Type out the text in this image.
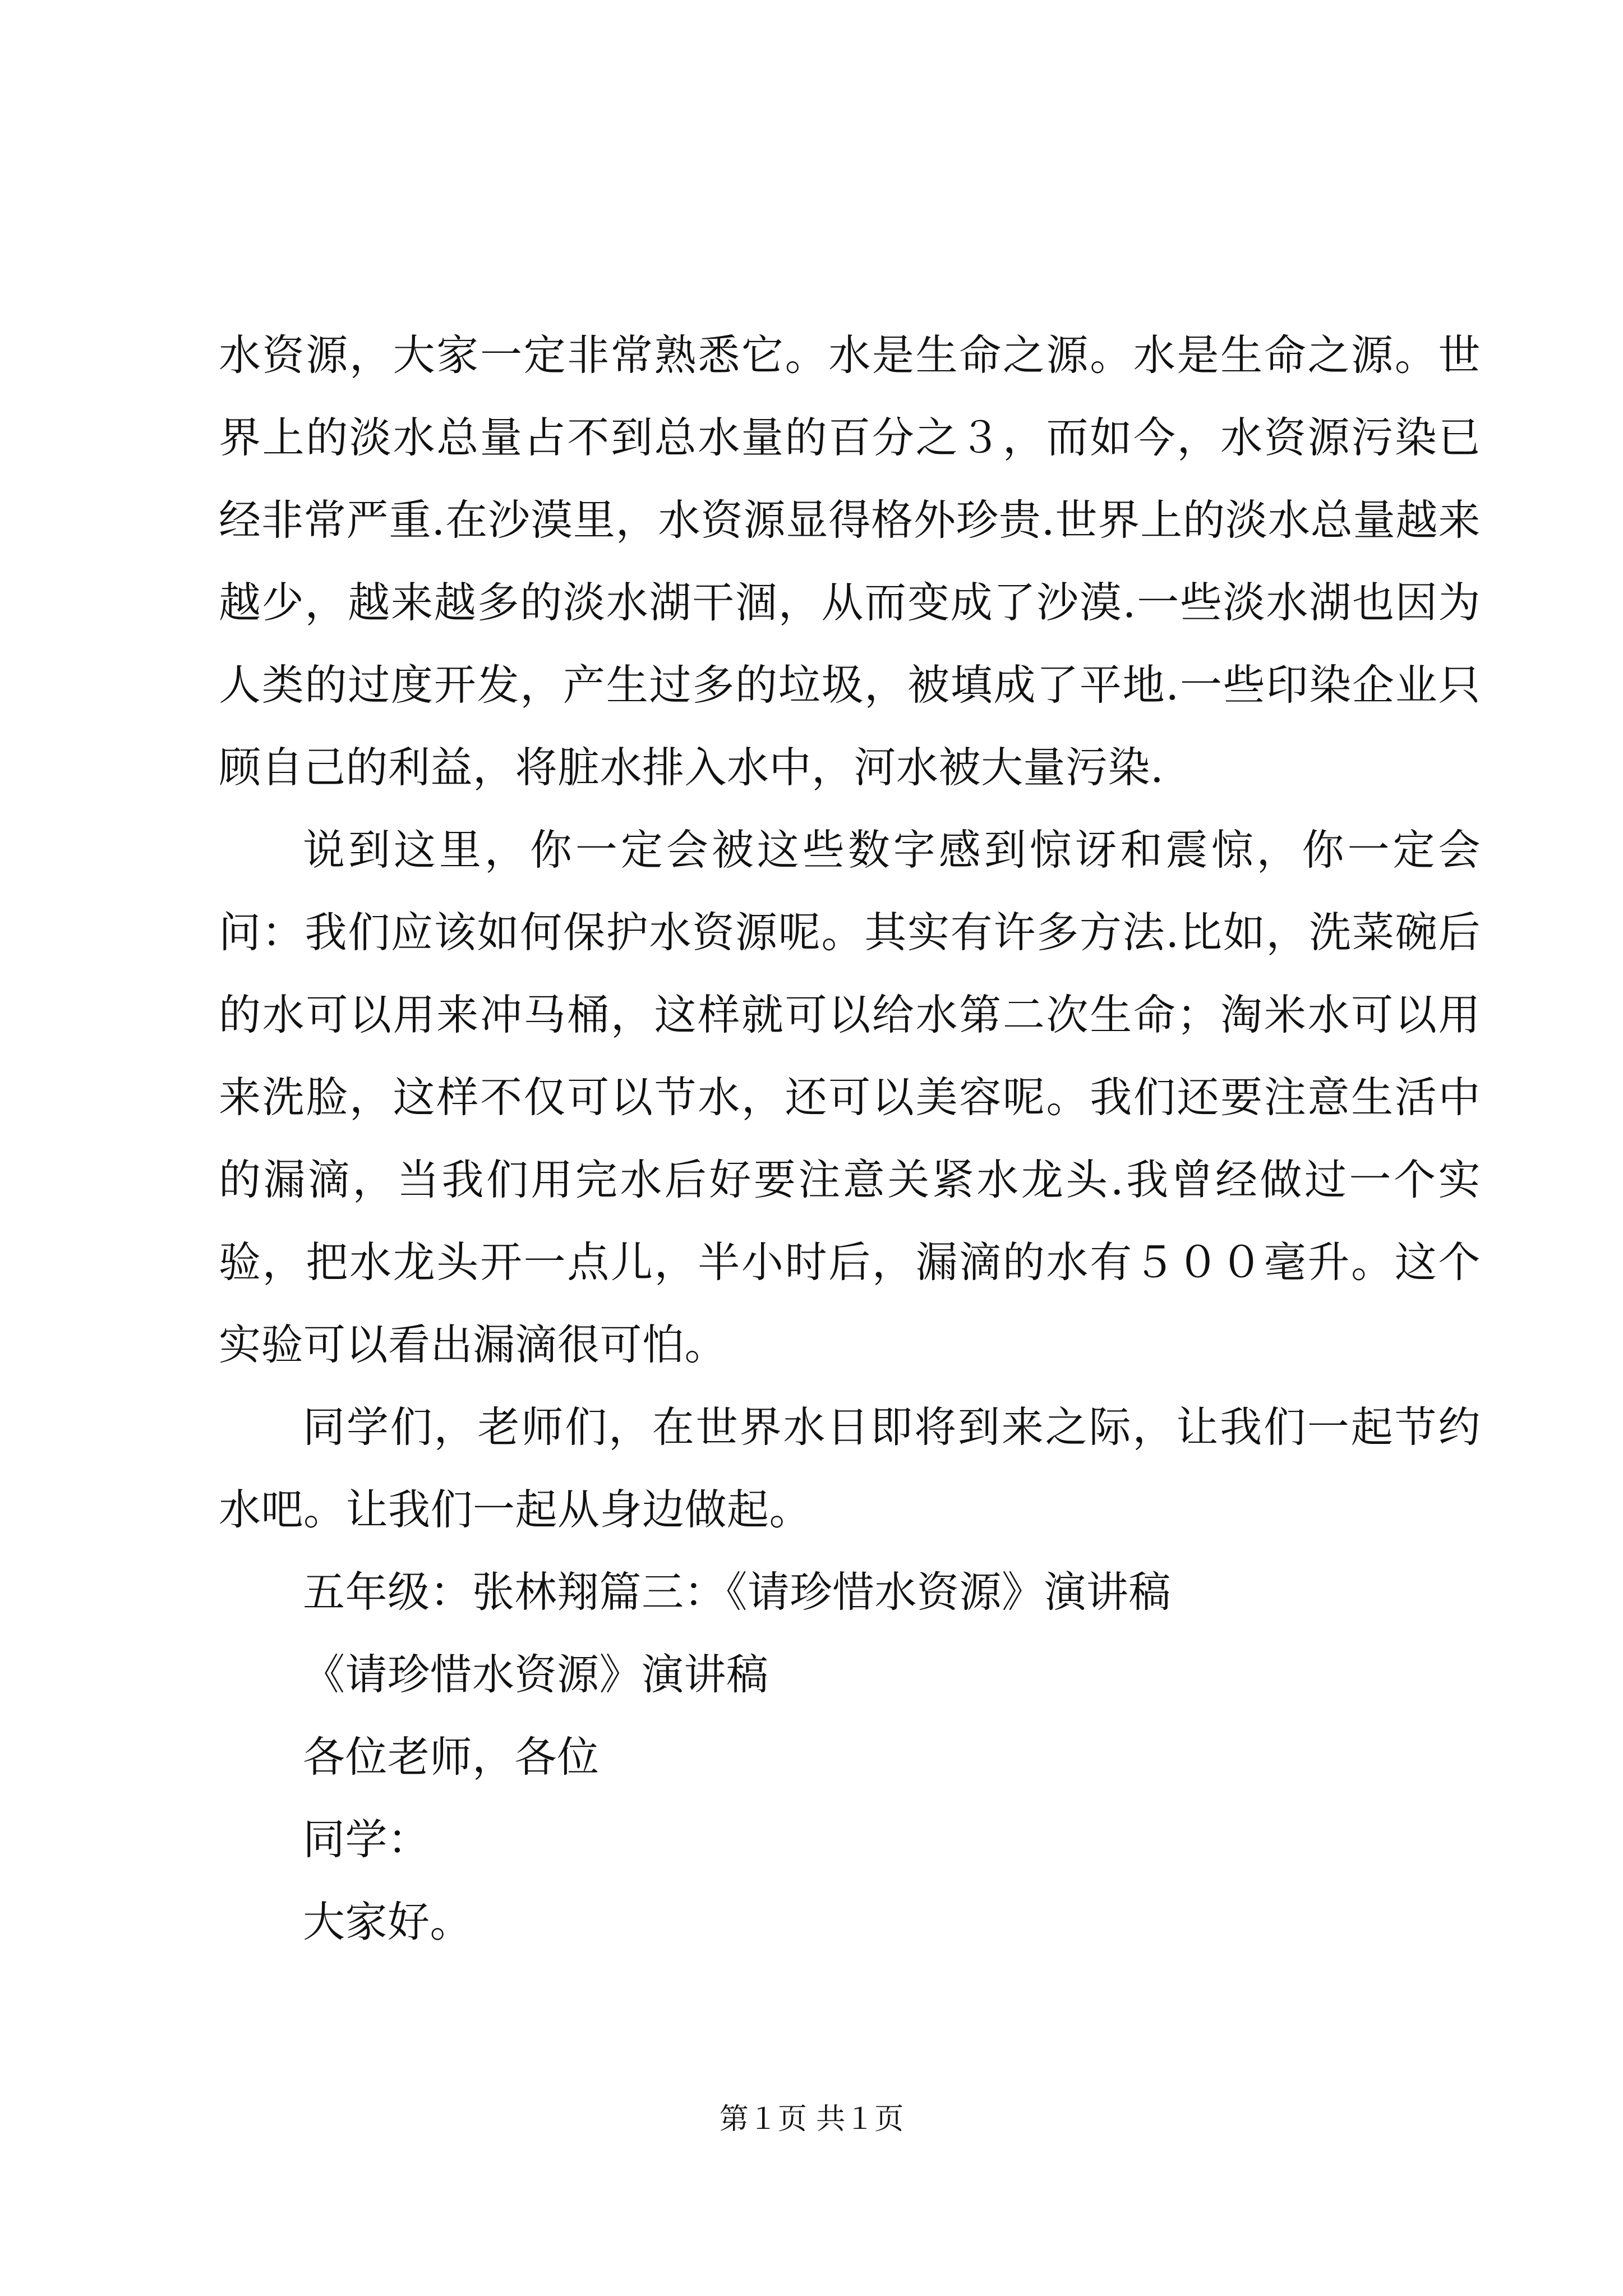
水资源，大家一定非常熟悉它。水是生命之源。水是生命之源。世界上的淡水总量占不到总水量的百分之３，而如今，水资源污染已经非常严重.在沙漠里，水资源显得格外珍贵.世界上的淡水总量越来越少，越来越多的淡水湖干涸，从而变成了沙漠.一些淡水湖也因为人类的过度开发，产生过多的垃圾，被填成了平地.一些印染企业只顾自己的利益，将脏水排入水中，河水被大量污染.

说到这里，你一定会被这些数字感到惊讶和震惊，你一定会问：我们应该如何保护水资源呢。其实有许多方法.比如，洗菜碗后的水可以用来冲马桶，这样就可以给水第二次生命；淘米水可以用来洗脸，这样不仅可以节水，还可以美容呢。我们还要注意生活中的漏滴，当我们用完水后好要注意关紧水龙头.我曾经做过一个实验，把水龙头开一点儿，半小时后，漏滴的水有５００毫升。这个实验可以看出漏滴很可怕。

同学们，老师们，在世界水日即将到来之际，让我们一起节约水吧。让我们一起从身边做起。

五年级：张林翔篇三：《请珍惜水资源》演讲稿

《请珍惜水资源》演讲稿

各位老师，各位

同学：

大家好。

第１页 共１页
